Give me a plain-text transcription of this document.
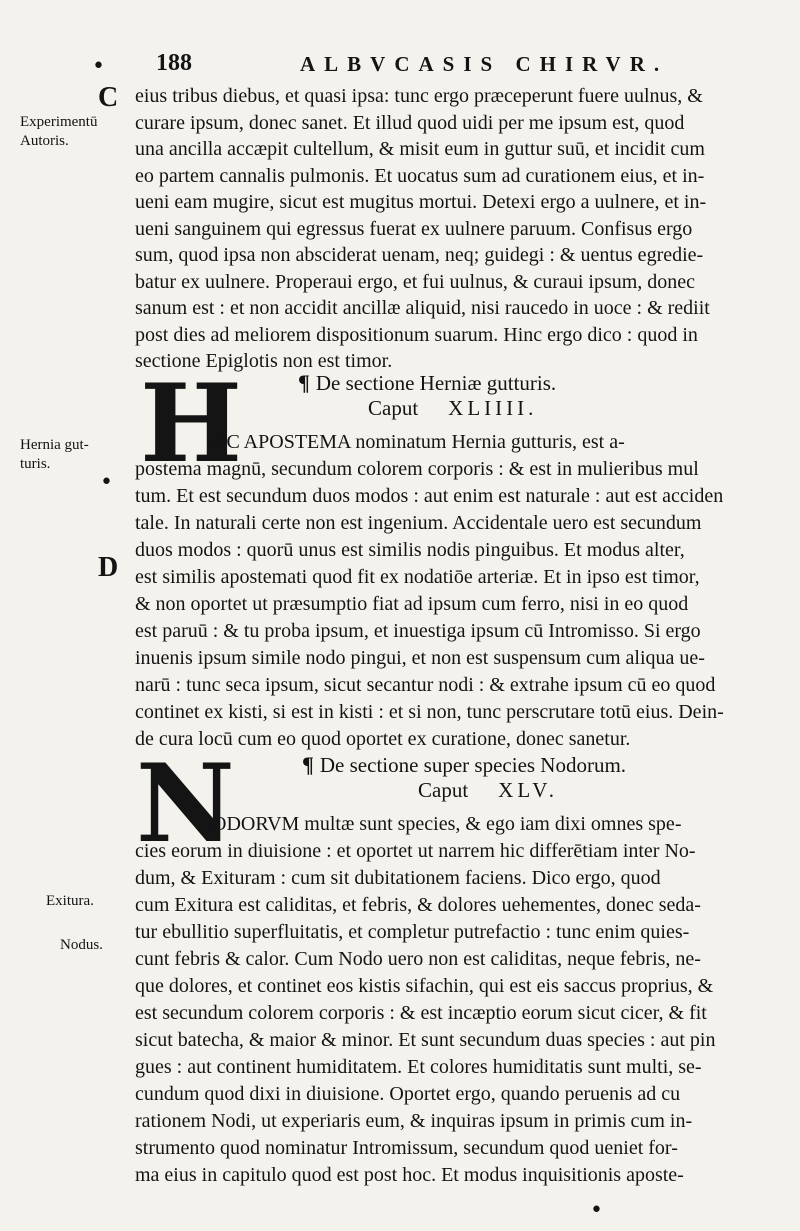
188	ALBVCASIS CHIRVR.
•
C
Experimentū
Autoris.
Hernia gut-
turis.
D
Exitura.
Nodus.
eius tribus diebus, et quasi ipsa: tunc ergo præceperunt fuere uulnus, &
curare ipsum, donec sanet. Et illud quod uidi per me ipsum est, quod
una ancilla accæpit cultellum, & misit eum in guttur suū, et incidit cum
eo partem cannalis pulmonis. Et uocatus sum ad curationem eius, et in-
ueni eam mugire, sicut est mugitus mortui. Detexi ergo a uulnere, et in-
ueni sanguinem qui egressus fuerat ex uulnere paruum. Confisus ergo
sum, quod ipsa non absciderat uenam, neq; guidegi : & uentus egredie-
batur ex uulnere. Properaui ergo, et fui uulnus, & curaui ipsum, donec
sanum est : et non accidit ancillæ aliquid, nisi raucedo in uoce : & rediit
post dies ad meliorem dispositionum suarum. Hinc ergo dico : quod in
sectione Epiglotis non est timor.
H	¶ De sectione Herniæ gutturis.
Caput XLIIII.
OC APOSTEMA nominatum Hernia gutturis, est a-
postema magnū, secundum colorem corporis : & est in mulieribus mul
tum. Et est secundum duos modos : aut enim est naturale : aut est acciden
tale. In naturali certe non est ingenium. Accidentale uero est secundum
duos modos : quorū unus est similis nodis pinguibus. Et modus alter,
est similis apostemati quod fit ex nodatiōe arteriæ. Et in ipso est timor,
& non oportet ut præsumptio fiat ad ipsum cum ferro, nisi in eo quod
est paruū : & tu proba ipsum, et inuestiga ipsum cū Intromisso. Si ergo
inuenis ipsum simile nodo pingui, et non est suspensum cum aliqua ue-
narū : tunc seca ipsum, sicut secantur nodi : & extrahe ipsum cū eo quod
continet ex kisti, si est in kisti : et si non, tunc perscrutare totū eius. Dein-
de cura locū cum eo quod oportet ex curatione, donec sanetur.
N	¶ De sectione super species Nodorum.
Caput XLV.
ODORVM multæ sunt species, & ego iam dixi omnes spe-
cies eorum in diuisione : et oportet ut narrem hic differētiam inter No-
dum, & Exituram : cum sit dubitationem faciens. Dico ergo, quod
cum Exitura est caliditas, et febris, & dolores uehementes, donec seda-
tur ebullitio superfluitatis, et completur putrefactio : tunc enim quies-
cunt febris & calor. Cum Nodo uero non est caliditas, neque febris, ne-
que dolores, et continet eos kistis sifachin, qui est eis saccus proprius, &
est secundum colorem corporis : & est incæptio eorum sicut cicer, & fit
sicut batecha, & maior & minor. Et sunt secundum duas species : aut pin
gues : aut continent humiditatem. Et colores humiditatis sunt multi, se-
cundum quod dixi in diuisione. Oportet ergo, quando peruenis ad cu
rationem Nodi, ut experiaris eum, & inquiras ipsum in primis cum in-
strumento quod nominatur Intromissum, secundum quod ueniet for-
ma eius in capitulo quod est post hoc. Et modus inquisitionis aposte-
•
•
